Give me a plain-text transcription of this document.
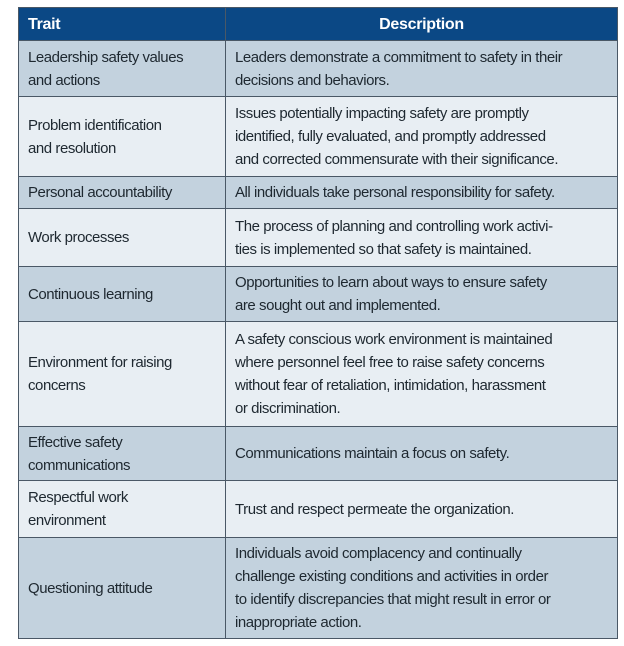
Trait	Description
Leadership safety values
and actions	Leaders demonstrate a commitment to safety in their
decisions and behaviors.
Problem identification
and resolution	Issues potentially impacting safety are promptly
identified, fully evaluated, and promptly addressed
and corrected commensurate with their significance.
Personal accountability	All individuals take personal responsibility for safety.
Work processes	The process of planning and controlling work activi-
ties is implemented so that safety is maintained.
Continuous learning	Opportunities to learn about ways to ensure safety
are sought out and implemented.
Environment for raising
concerns	A safety conscious work environment is maintained
where personnel feel free to raise safety concerns
without fear of retaliation, intimidation, harassment
or discrimination.
Effective safety
communications	Communications maintain a focus on safety.
Respectful work
environment	Trust and respect permeate the organization.
Questioning attitude	Individuals avoid complacency and continually
challenge existing conditions and activities in order
to identify discrepancies that might result in error or
inappropriate action.
